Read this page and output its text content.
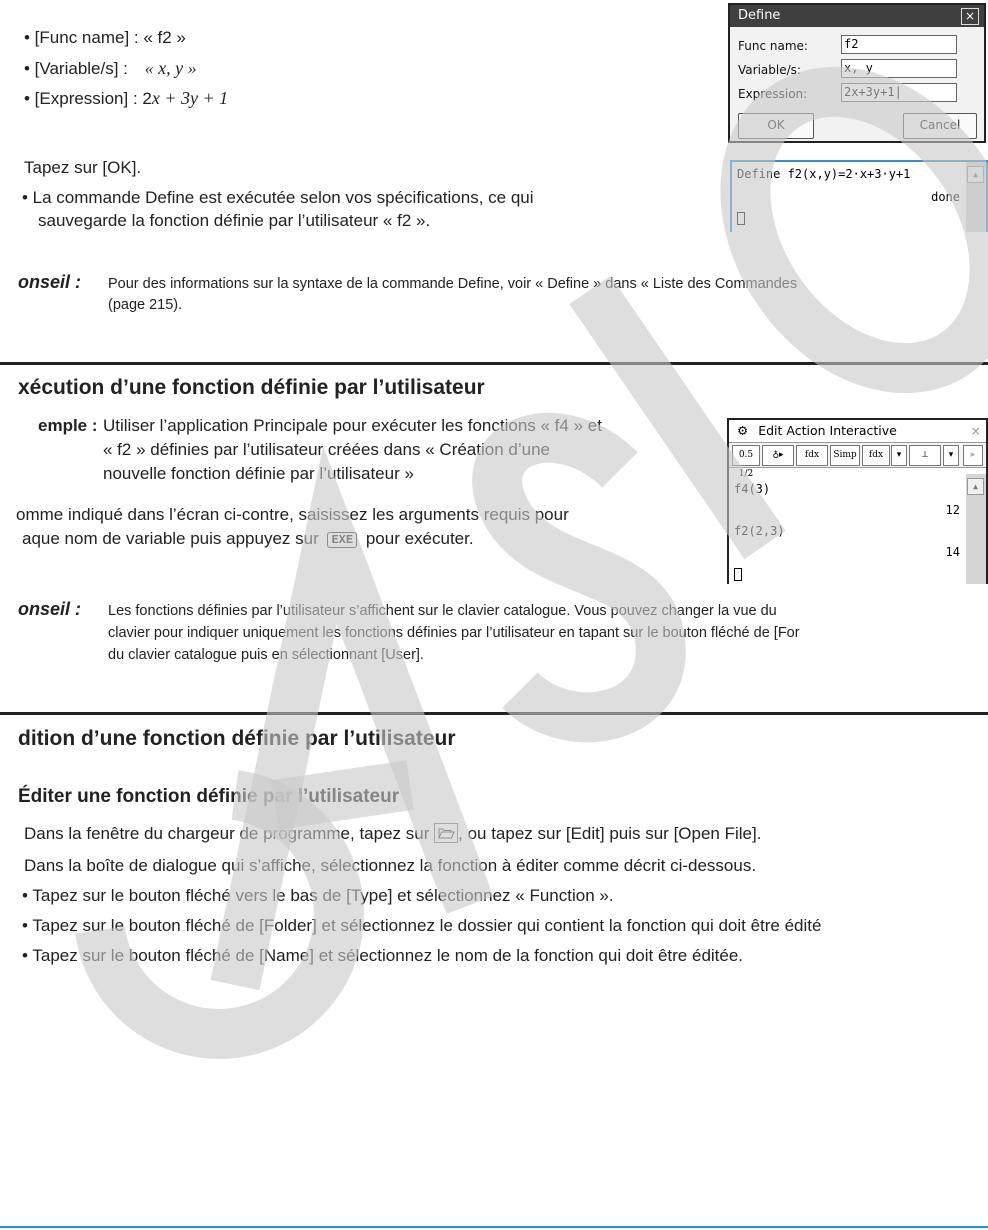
• [Func name] : « f2 »
• [Variable/s] : « x, y »
• [Expression] : 2x + 3y + 1
Tapez sur [OK].
• La commande Define est exécutée selon vos spécifications, ce qui
sauvegarde la fonction définie par l’utilisateur « f2 ».
onseil : Pour des informations sur la syntaxe de la commande Define, voir « Define » dans « Liste des Commandes
(page 215).
Define	×
Func name:	f2
Variable/s:	x, y
Expression:	2x+3y+1|
OK	Cancel
Define f2(x,y)=2·x+3·y+1
done
▲
xécution d’une fonction définie par l’utilisateur
emple : Utiliser l’application Principale pour exécuter les fonctions « f4 » et
« f2 » définies par l’utilisateur créées dans « Création d’une
nouvelle fonction définie par l’utilisateur »
omme indiqué dans l’écran ci-contre, saisissez les arguments requis pour
aque nom de variable puis appuyez sur EXE pour exécuter.
⚙ Edit Action Interactive	×
0.5 1/2
♁▸	fdx	Simp	fdx	▾	⟂	▾	▸
f4(3)
12
f2(2,3)
14
▲
onseil : Les fonctions définies par l’utilisateur s’affichent sur le clavier catalogue. Vous pouvez changer la vue du
clavier pour indiquer uniquement les fonctions définies par l’utilisateur en tapant sur le bouton fléché de [For
du clavier catalogue puis en sélectionnant [User].
dition d’une fonction définie par l’utilisateur
Éditer une fonction définie par l’utilisateur
Dans la fenêtre du chargeur de programme, tapez sur , ou tapez sur [Edit] puis sur [Open File].
Dans la boîte de dialogue qui s’affiche, sélectionnez la fonction à éditer comme décrit ci-dessous.
• Tapez sur le bouton fléché vers le bas de [Type] et sélectionnez « Function ».
• Tapez sur le bouton fléché de [Folder] et sélectionnez le dossier qui contient la fonction qui doit être édité
• Tapez sur le bouton fléché de [Name] et sélectionnez le nom de la fonction qui doit être éditée.
